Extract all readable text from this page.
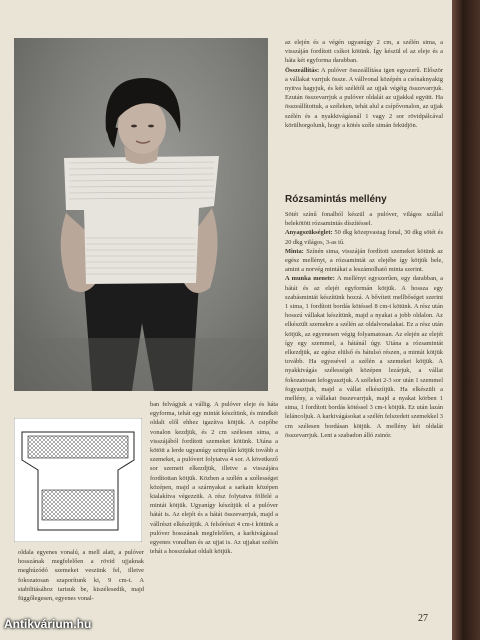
oldala egyenes vonalú, a mell alatt, a pulóver hosszának megfelelően a rövid ujjaknak meghúzódó szemeket veszünk fel, illetve fokozatosan szaporítunk ki, 9 cm-t. A stabilitásához tartsuk be, kiszélesedik, majd függőlegesen, egyenes vonal-

ban felvágjuk a vállig. A pulóver eleje és háta egyforma, tehát egy mintát készítünk, és mindkét oldalt elől ehhez igazítva kötjük. A csipőbe vonalon kezdjük, és 2 cm szélesen sima, a visszájából fordított szemeket kötünk. Utána a kötött a lerde ugyanúgy szimplán kötjük tovább a szemeket, a pulóvert folytatva 4 sor. A következő sor szemeit elkezdjük, illetve a visszájára fordítottan kötjük. Közben a szélén a szélességet középen, majd a szárnyakat a sarkain középen kialakítva végezzük. A rész folytatva fölfelé a mintát kötjük. Ugyanígy készítjük el a pulóver hátát is. Az elejét és a hátát összevarrjuk, majd a vállrészt elkészítjük. A felsőrészt 4 cm-t kötünk a pulóver hosszának megfelelően, a karkivágással egyenes vonalban és az ujjat is. Az ujjakat szélén tehát a hosszúakat oldalt kötjük.

az elején és a végén ugyanúgy 2 cm, a szélén sima, a visszáján fordított csíkot kötünk. Így készül el az eleje és a háta két egyforma darabban.

Összeállítás: A pulóver összeállítása igen egyszerű. Először a vállakat varrjuk össze. A vállvonal középén a csónaknyakig nyitva hagyjuk, és két szélétől az ujjak végéig összevarrjuk. Ezután összevarrjuk a pulóver oldalát az ujjakkal együtt. Ha összeállítottuk, a széleken, tehát alul a csípővonalon, az ujjak szélén és a nyakkivágásnál 1 vagy 2 sor rövidpálcával körülhorgolunk, hogy a kötés széle simán feküdjön.

Rózsamintás mellény

Sötét színű fonalból készül a pulóver, világos szállal belekötött rózsamintás díszítéssel.

Anyagszükséglet: 50 dkg közepvastag fonal, 30 dkg sötét és 20 dkg világos, 3-as tű.

Minta: Színén sima, visszáján fordított szemeket kötünk az egész mellényt, a rózsamintát az elejébe így kötjük bele, amint a norvég mintákat a leszámolható minta szerint.

A munka menete: A mellényt egyszerűen, egy darabban, a hátát és az elejét egyformán kötjük. A hossza egy szabásmintát készítünk hozzá. A bővített mellbőséget szerint 1 sima, 1 fordított bordás kötéssel 8 cm-t kötünk. A rész után hosszú vállakat készítünk, majd a nyakat a jobb oldalon. Az elkészült szemekre a szélén az oldalvonalakat. Ez a rész után kötjük, az egyenesen végig folyamatosan. Az elején az elejét így egy szemmel, a hátánál úgy. Utána a rózsamintát elkezdjük, az egész elülső és hátulsó részen, a mintát kötjük tovább. Ha egyesével a szélén a szemeket kötjük. A nyakkivágás szélességét középen lezárjuk, a vállat fokozatosan lefogyasztjuk. A széleket 2-3 sor után 1 szemmel fogyasztjuk, majd a vállat elkészítjük. Ha elkészült a mellény, a vállakat összevarrjuk, majd a nyakat körben 1 sima, 1 fordított bordás kötéssel 3 cm-t kötjük. Ez után lazán leláncoljuk. A karkivágásokat a szélén felszedett szemekkel 3 cm szélesen bordásan kötjük. A mellény két oldalát összevarrjuk. Lent a szabadon álló zsinór.

27
Antikvárium.hu
